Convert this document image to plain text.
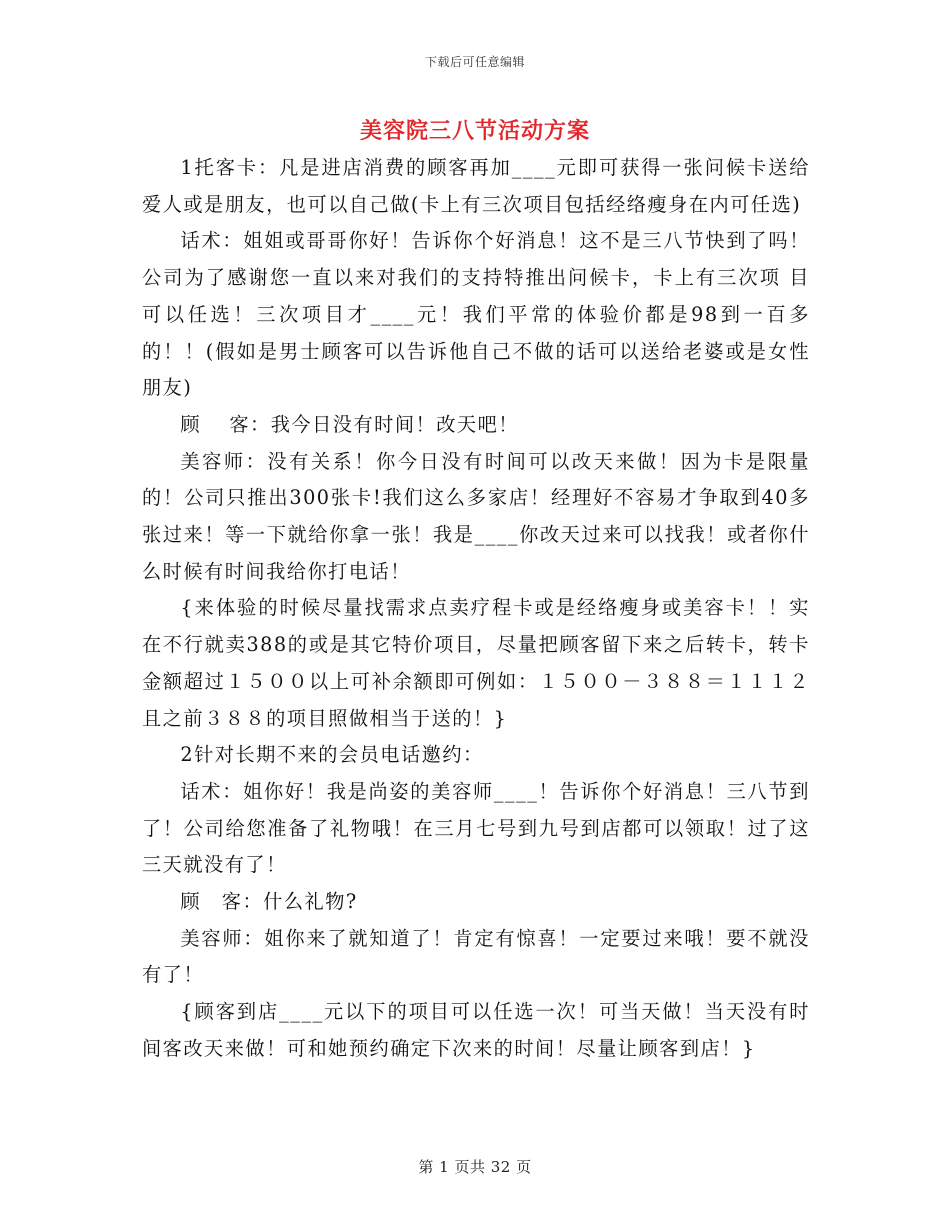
下载后可任意编辑
美容院三八节活动方案

1托客卡：凡是进店消费的顾客再加____元即可获得一张问候卡送给爱人或是朋友，也可以自己做(卡上有三次项目包括经络瘦身在内可任选)

话术：姐姐或哥哥你好！告诉你个好消息！这不是三八节快到了吗！公司为了感谢您一直以来对我们的支持特推出问候卡，卡上有三次项 目可以任选！三次项目才____元！我们平常的体验价都是98到一百多的！！(假如是男士顾客可以告诉他自己不做的话可以送给老婆或是女性朋友)

顾　 客：我今日没有时间！改天吧！

美容师：没有关系！你今日没有时间可以改天来做！因为卡是限量的！公司只推出300张卡!我们这么多家店！经理好不容易才争取到40多张过来！等一下就给你拿一张！我是____你改天过来可以找我！或者你什么时候有时间我给你打电话！

{来体验的时候尽量找需求点卖疗程卡或是经络瘦身或美容卡！！实在不行就卖388的或是其它特价项目，尽量把顾客留下来之后转卡，转卡金额超过１５００以上可补余额即可例如：１５００－３８８＝１１１２且之前３８８的项目照做相当于送的！}

2针对长期不来的会员电话邀约：

话术：姐你好！我是尚姿的美容师____！告诉你个好消息！三八节到了！公司给您准备了礼物哦！在三月七号到九号到店都可以领取！过了这三天就没有了！

顾　客：什么礼物?

美容师：姐你来了就知道了！肯定有惊喜！一定要过来哦！要不就没有了！

{顾客到店____元以下的项目可以任选一次！可当天做！当天没有时间客改天来做！可和她预约确定下次来的时间！尽量让顾客到店！}

第 1 页共 32 页
